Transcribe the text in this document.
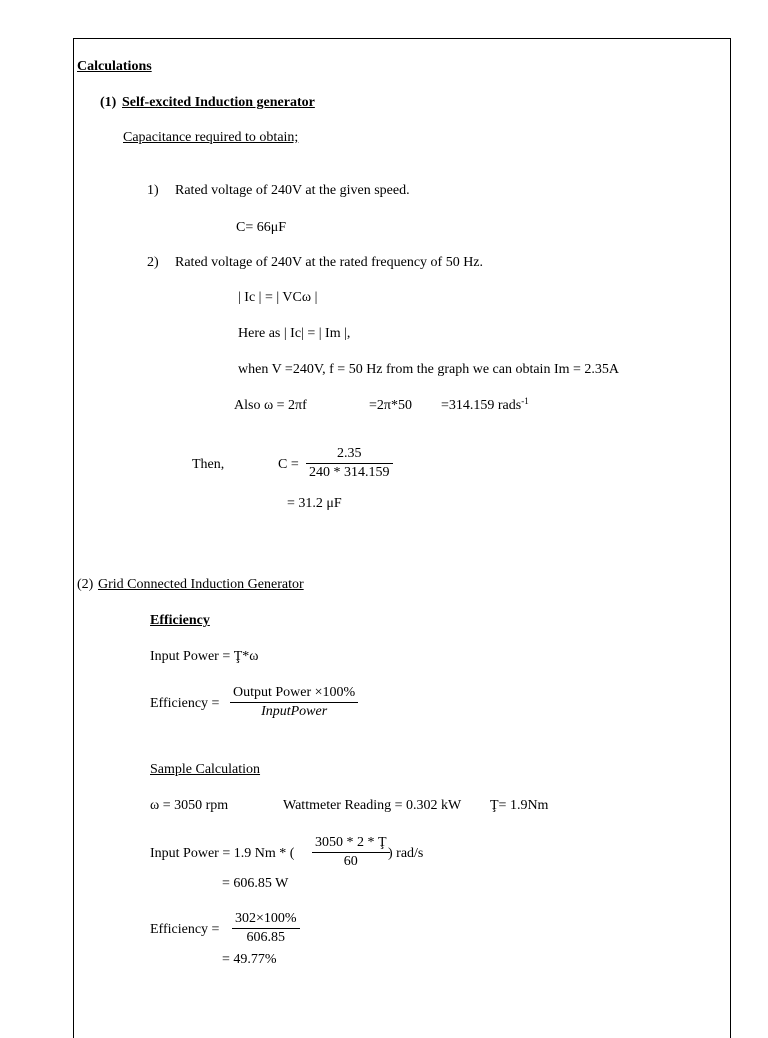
Calculations
(1) Self-excited Induction generator
Capacitance required to obtain;
1) Rated voltage of 240V at the given speed.
C= 66μF
2) Rated voltage of 240V at the rated frequency of 50 Hz.
| Ic | = | VCω |
Here as | Ic| = | Im |,
when V =240V, f = 50 Hz from the graph we can obtain Im = 2.35A
Also ω = 2πf	=2π*50 =314.159 rads$^{-1}$
Then,	C =
2.35
240 * 314.159
= 31.2 μF
(2) Grid Connected Induction Generator
Efficiency
Input Power = Ţ*ω
Efficiency =
Output Power ×100%
InputPower
Sample Calculation
ω = 3050 rpm	Wattmeter Reading = 0.302 kW Ţ= 1.9Nm
Input Power = 1.9 Nm * (
3050 * 2 * Ţ
60
) rad/s
= 606.85 W
Efficiency =
302×100%
606.85
= 49.77%
